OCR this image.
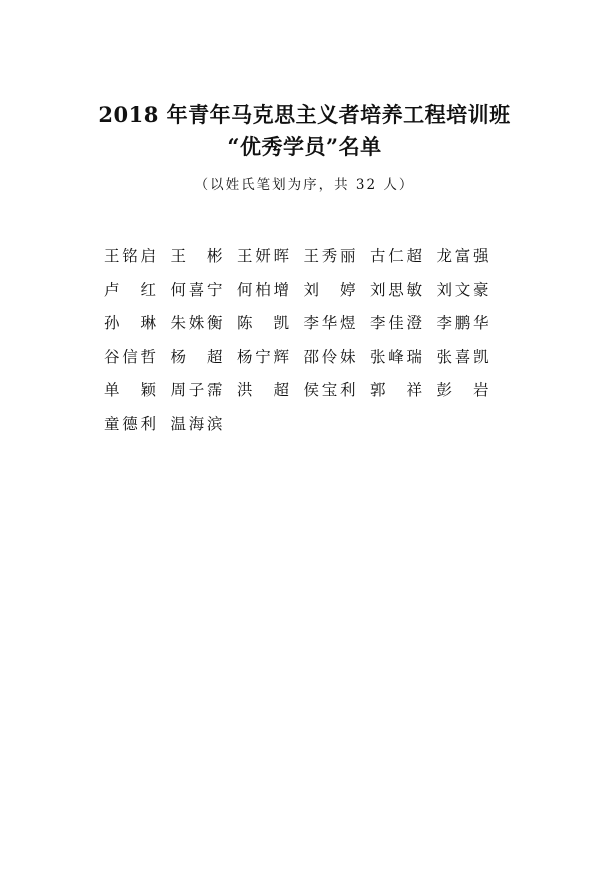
2018 年青年马克思主义者培养工程培训班
“优秀学员”名单
（以姓氏笔划为序，共 32 人）
王铭启 王 彬 王妍晖 王秀丽 古仁超 龙富强
卢 红 何喜宁 何柏增 刘 婷 刘思敏 刘文豪
孙 琳 朱姝衡 陈 凯 李华煜 李佳澄 李鹏华
谷信哲 杨 超 杨宁辉 邵伶妹 张峰瑞 张喜凯
单 颖 周子霈 洪 超 侯宝利 郭 祥 彭 岩
童德利 温海滨
